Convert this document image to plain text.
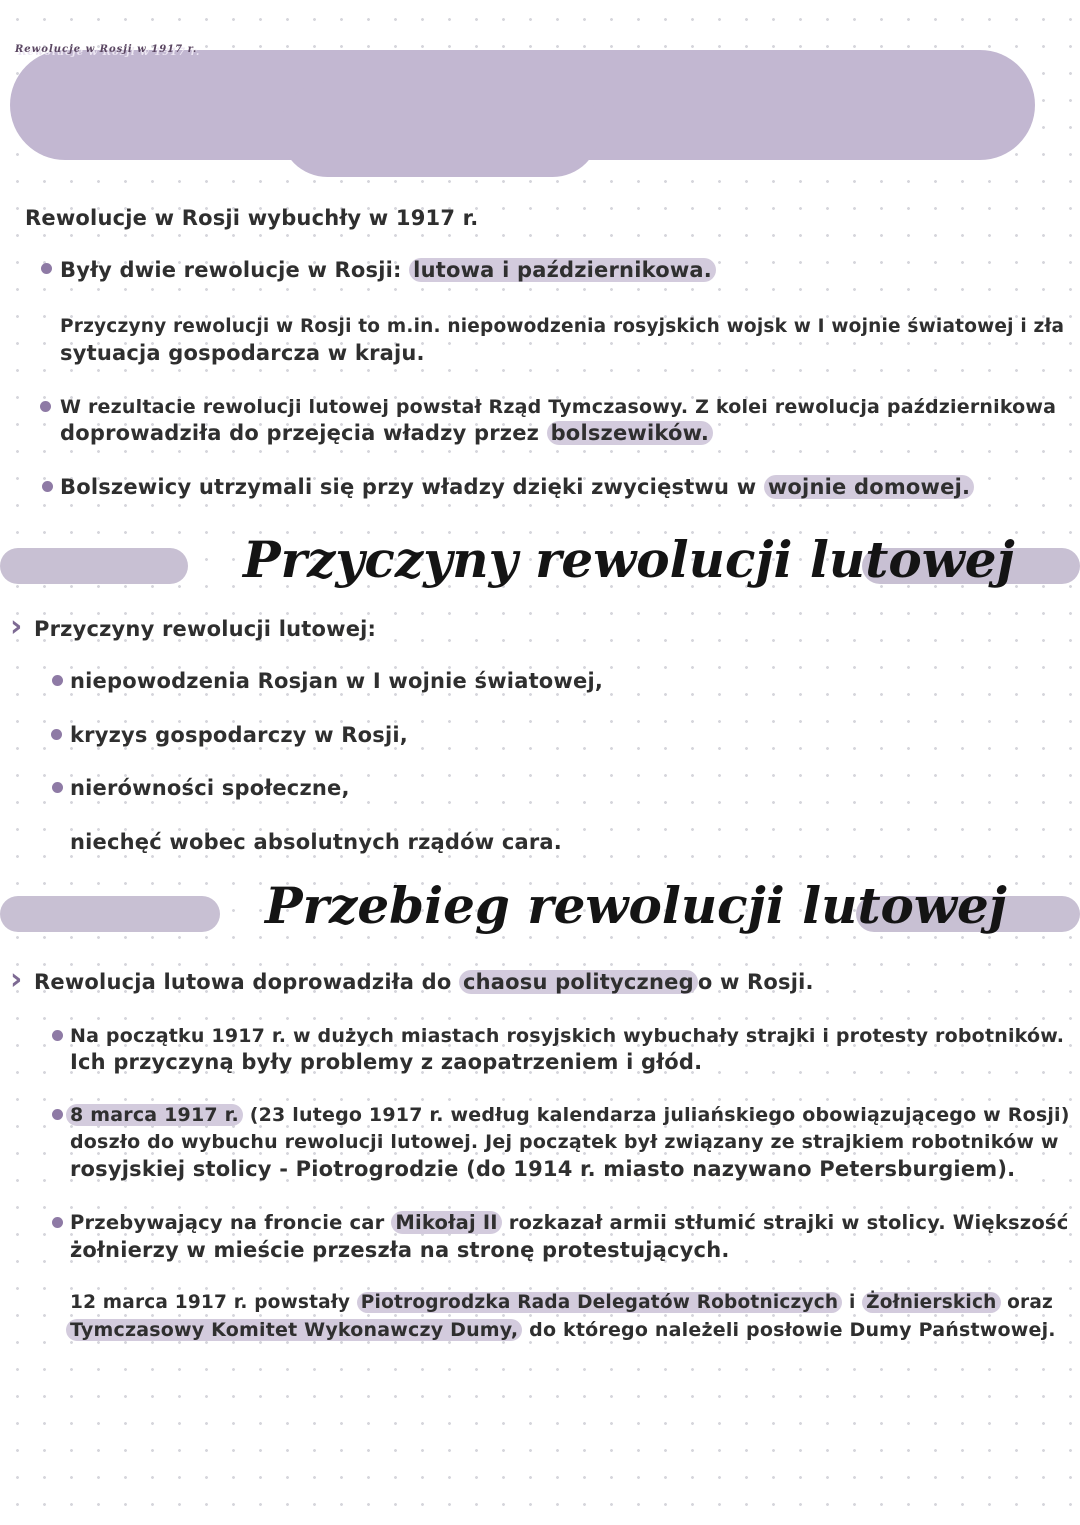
Rewolucje w Rosji w 1917 r.
Rewolucje w Rosji wybuchły w 1917 r.
Były dwie rewolucje w Rosji: lutowa i październikowa.
Przyczyny rewolucji w Rosji to m.in. niepowodzenia rosyjskich wojsk w I wojnie światowej i zła
sytuacja gospodarcza w kraju.
W rezultacie rewolucji lutowej powstał Rząd Tymczasowy. Z kolei rewolucja październikowa
doprowadziła do przejęcia władzy przez bolszewików.
Bolszewicy utrzymali się przy władzy dzięki zwycięstwu w wojnie domowej.
Przyczyny rewolucji lutowej
› Przyczyny rewolucji lutowej:
niepowodzenia Rosjan w I wojnie światowej,
kryzys gospodarczy w Rosji,
nierówności społeczne,
niechęć wobec absolutnych rządów cara.
Przebieg rewolucji lutowej
› Rewolucja lutowa doprowadziła do chaosu polityczneg o w Rosji.
Na początku 1917 r. w dużych miastach rosyjskich wybuchały strajki i protesty robotników.
Ich przyczyną były problemy z zaopatrzeniem i głód.
8 marca 1917 r. (23 lutego 1917 r. według kalendarza juliańskiego obowiązującego w Rosji)
doszło do wybuchu rewolucji lutowej. Jej początek był związany ze strajkiem robotników w
rosyjskiej stolicy - Piotrogrodzie (do 1914 r. miasto nazywano Petersburgiem).
Przebywający na froncie car Mikołaj II rozkazał armii stłumić strajki w stolicy. Większość
żołnierzy w mieście przeszła na stronę protestujących.
12 marca 1917 r. powstały Piotrogrodzka Rada Delegatów Robotniczych i Żołnierskich oraz
Tymczasowy Komitet Wykonawczy Dumy, do którego należeli posłowie Dumy Państwowej.
